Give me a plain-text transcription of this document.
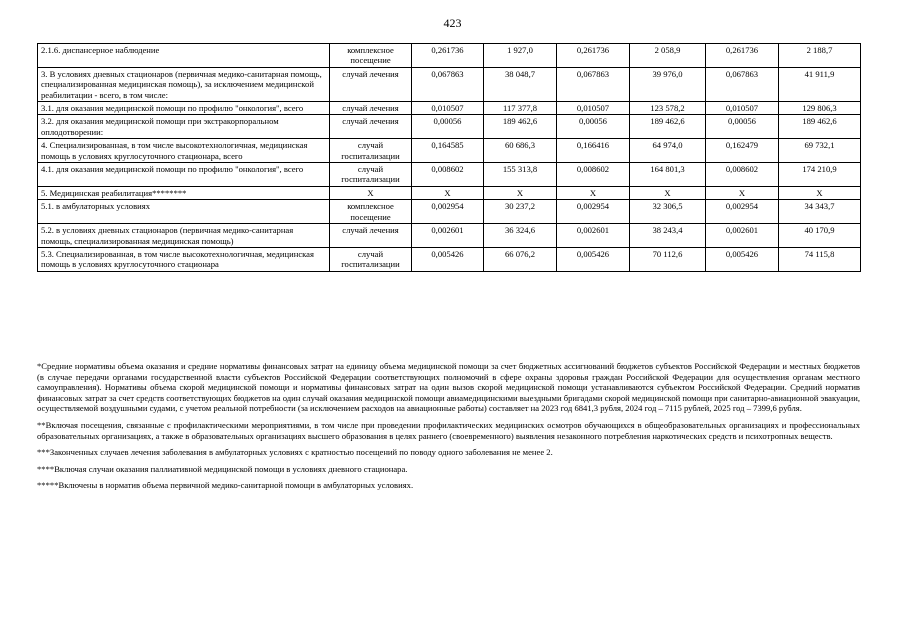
423
2.1.6. диспансерное наблюдение	комплексное посещение	0,261736	1 927,0	0,261736	2 058,9	0,261736	2 188,7
3. В условиях дневных стационаров (первичная медико-санитарная помощь, специализированная медицинская помощь), за исключением медицинской реабилитации - всего, в том числе:	случай лечения	0,067863	38 048,7	0,067863	39 976,0	0,067863	41 911,9
3.1. для оказания медицинской помощи по профилю "онкология", всего	случай лечения	0,010507	117 377,8	0,010507	123 578,2	0,010507	129 806,3
3.2. для оказания медицинской помощи при экстракорпоральном оплодотворении:	случай лечения	0,00056	189 462,6	0,00056	189 462,6	0,00056	189 462,6
4. Специализированная, в том числе высокотехнологичная, медицинская помощь в условиях круглосуточного стационара, всего	случай госпитализации	0,164585	60 686,3	0,166416	64 974,0	0,162479	69 732,1
4.1. для оказания медицинской помощи по профилю "онкология", всего	случай госпитализации	0,008602	155 313,8	0,008602	164 801,3	0,008602	174 210,9
5. Медицинская реабилитация********	Х	Х	Х	Х	Х	Х	Х
5.1. в амбулаторных условиях	комплексное посещение	0,002954	30 237,2	0,002954	32 306,5	0,002954	34 343,7
5.2. в условиях дневных стационаров (первичная медико-санитарная помощь, специализированная медицинская помощь)	случай лечения	0,002601	36 324,6	0,002601	38 243,4	0,002601	40 170,9
5.3. Специализированная, в том числе высокотехнологичная, медицинская помощь в условиях круглосуточного стационара	случай госпитализации	0,005426	66 076,2	0,005426	70 112,6	0,005426	74 115,8

*Средние нормативы объема оказания и средние нормативы финансовых затрат на единицу объема медицинской помощи за счет бюджетных ассигнований бюджетов субъектов Российской Федерации и местных бюджетов (в случае передачи органами государственной власти субъектов Российской Федерации соответствующих полномочий в сфере охраны здоровья граждан Российской Федерации для осуществления органам местного самоуправления). Нормативы объема скорой медицинской помощи и нормативы финансовых затрат на один вызов скорой медицинской помощи устанавливаются субъектом Российской Федерации. Средний норматив финансовых затрат за счет средств соответствующих бюджетов на один случай оказания медицинской помощи авиамедицинскими выездными бригадами скорой медицинской помощи при санитарно-авиационной эвакуации, осуществляемой воздушными судами, с учетом реальной потребности (за исключением расходов на авиационные работы) составляет на 2023 год 6841,3 рубля, 2024 год – 7115 рублей, 2025 год – 7399,6 рубля.

**Включая посещения, связанные с профилактическими мероприятиями, в том числе при проведении профилактических медицинских осмотров обучающихся в общеобразовательных организациях и профессиональных образовательных организациях, а также в образовательных организациях высшего образования в целях раннего (своевременного) выявления незаконного потребления наркотических средств и психотропных веществ.

***Законченных случаев лечения заболевания в амбулаторных условиях с кратностью посещений по поводу одного заболевания не менее 2.

****Включая случаи оказания паллиативной медицинской помощи в условиях дневного стационара.

*****Включены в норматив объема первичной медико-санитарной помощи в амбулаторных условиях.
